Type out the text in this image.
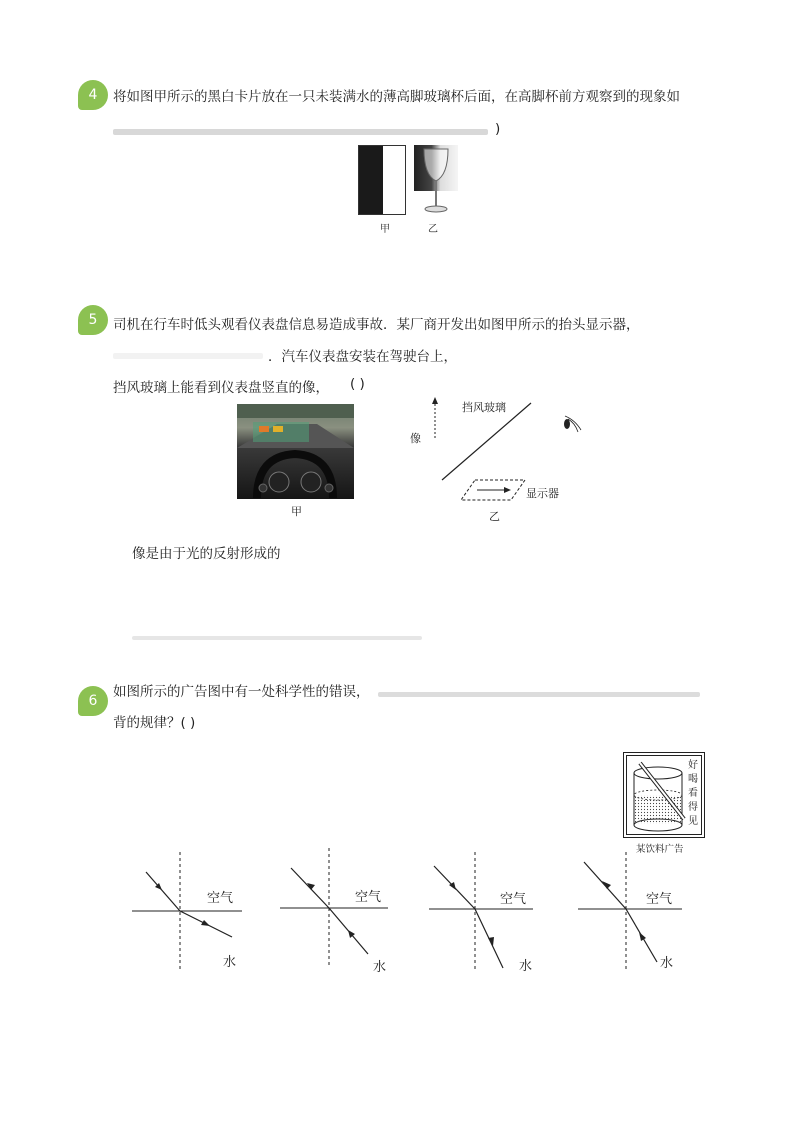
4	将如图甲所示的黑白卡片放在一只未装满水的薄高脚玻璃杯后面，在高脚杯前方观察到的现象如
)
甲	乙
5	司机在行车时低头观看仪表盘信息易造成事故．某厂商开发出如图甲所示的抬头显示器，
．汽车仪表盘安装在驾驶台上，
挡风玻璃上能看到仪表盘竖直的像， ( )
甲
挡风玻璃
像
显示器
乙
像是由于光的反射形成的
6
如图所示的广告图中有一处科学性的错误，
背的规律？( )
好
喝
看
得
见
某饮料广告
空气
水
空气
水
空气
水
空气
水
